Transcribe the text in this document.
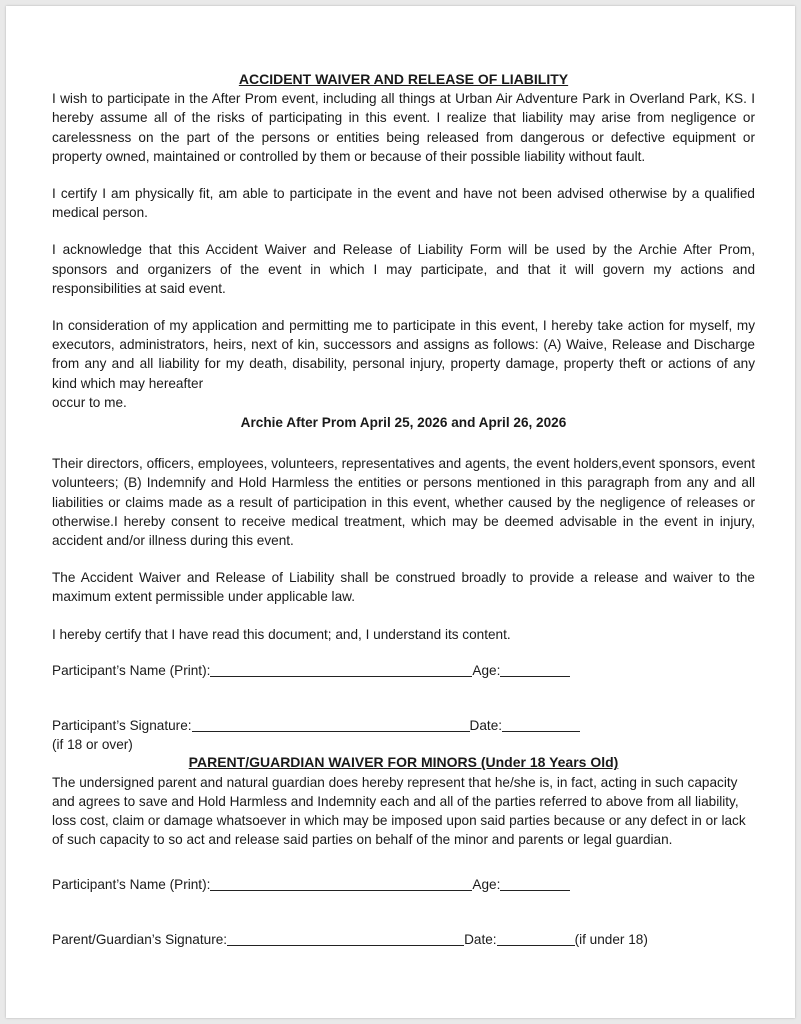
ACCIDENT WAIVER AND RELEASE OF LIABILITY

I wish to participate in the After Prom event, including all things at Urban Air Adventure Park in Overland Park, KS. I hereby assume all of the risks of participating in this event. I realize that liability may arise from negligence or carelessness on the part of the persons or entities being released from dangerous or defective equipment or property owned, maintained or controlled by them or because of their possible liability without fault.

I certify I am physically fit, am able to participate in the event and have not been advised otherwise by a qualified medical person.

I acknowledge that this Accident Waiver and Release of Liability Form will be used by the Archie After Prom, sponsors and organizers of the event in which I may participate, and that it will govern my actions and responsibilities at said event.

In consideration of my application and permitting me to participate in this event, I hereby take action for myself, my executors, administrators, heirs, next of kin, successors and assigns as follows: (A) Waive, Release and Discharge from any and all liability for my death, disability, personal injury, property damage, property theft or actions of any kind which may hereafter

occur to me.

Archie After Prom April 25, 2026 and April 26, 2026

Their directors, officers, employees, volunteers, representatives and agents, the event holders,event sponsors, event volunteers; (B) Indemnify and Hold Harmless the entities or persons mentioned in this paragraph from any and all liabilities or claims made as a result of participation in this event, whether caused by the negligence of releases or otherwise.I hereby consent to receive medical treatment, which may be deemed advisable in the event in injury, accident and/or illness during this event.

The Accident Waiver and Release of Liability shall be construed broadly to provide a release and waiver to the maximum extent permissible under applicable law.

I hereby certify that I have read this document; and, I understand its content.

Participant’s Name (Print):	Age:
Participant’s Signature:	Date:

(if 18 or over)

PARENT/GUARDIAN WAIVER FOR MINORS (Under 18 Years Old)

The undersigned parent and natural guardian does hereby represent that he/she is, in fact, acting in such capacity and agrees to save and Hold Harmless and Indemnity each and all of the parties referred to above from all liability, loss cost, claim or damage whatsoever in which may be imposed upon said parties because or any defect in or lack of such capacity to so act and release said parties on behalf of the minor and parents or legal guardian.

Participant’s Name (Print):	Age:
Parent/Guardian’s Signature:	Date:	(if under 18)
